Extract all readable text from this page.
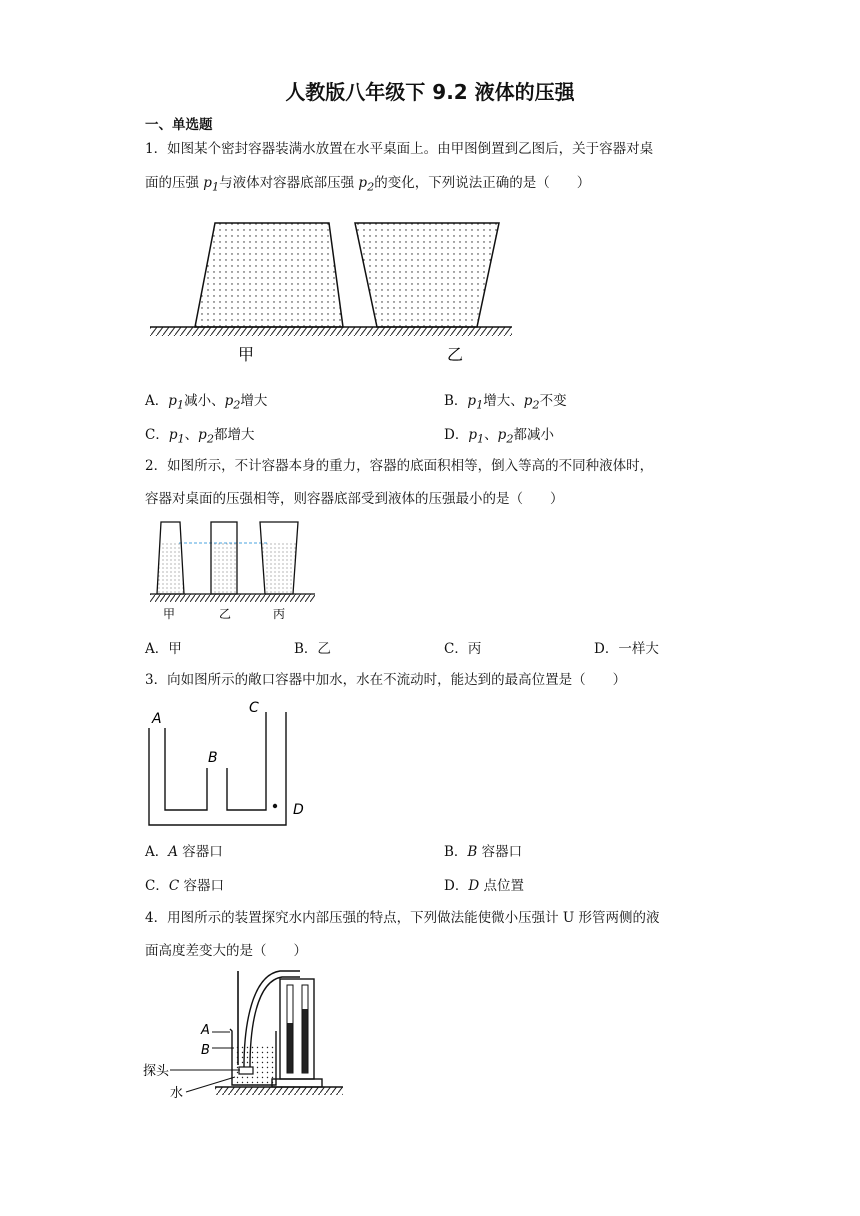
人教版八年级下 9.2 液体的压强
一、单选题
1．如图某个密封容器装满水放置在水平桌面上。由甲图倒置到乙图后，关于容器对桌
面的压强 $p_1$与液体对容器底部压强 $p_2$的变化，下列说法正确的是（　　）
甲	乙
A．$p_1$减小、$p_2$增大	B．$p_1$增大、$p_2$不变
C．$p_1$、$p_2$都增大	D．$p_1$、$p_2$都减小
2．如图所示，不计容器本身的重力，容器的底面积相等，倒入等高的不同种液体时，
容器对桌面的压强相等，则容器底部受到液体的压强最小的是（　　）
甲	乙	丙
A．甲	B．乙	C．丙	D．一样大
3．向如图所示的敞口容器中加水，水在不流动时，能达到的最高位置是（　　）
A
B
C
D
A．A 容器口	B．B 容器口
C．C 容器口	D．D 点位置
4．用图所示的装置探究水内部压强的特点，下列做法能使微小压强计 U 形管两侧的液
面高度差变大的是（　　）
A
B
探头
水
